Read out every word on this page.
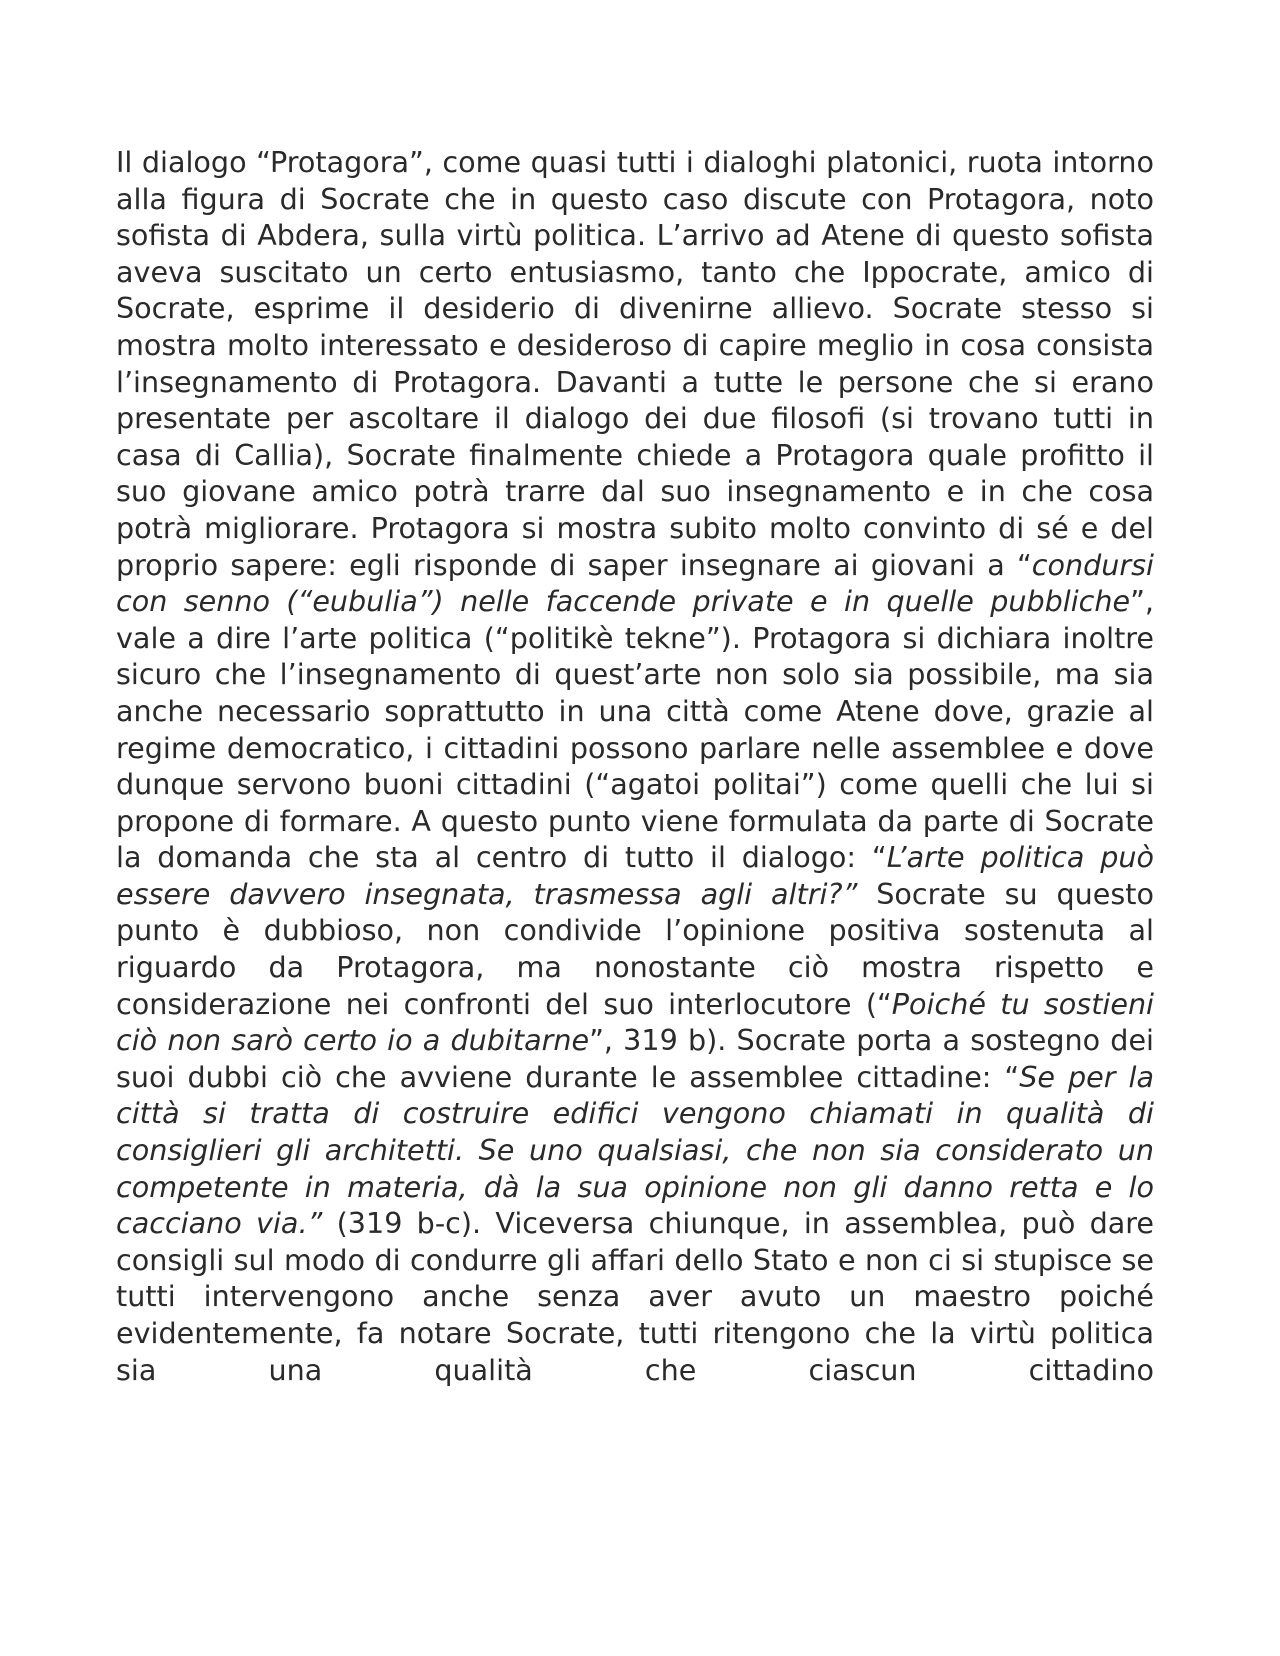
Il dialogo “Protagora”, come quasi tutti i dialoghi platonici, ruota intorno alla figura di Socrate che in questo caso discute con Protagora, noto sofista di Abdera, sulla virtù politica. L’arrivo ad Atene di questo sofista aveva suscitato un certo entusiasmo, tanto che Ippocrate, amico di Socrate, esprime il desiderio di divenirne allievo. Socrate stesso si mostra molto interessato e desideroso di capire meglio in cosa consista l’insegnamento di Protagora. Davanti a tutte le persone che si erano presentate per ascoltare il dialogo dei due filosofi (si trovano tutti in casa di Callia), Socrate finalmente chiede a Protagora quale profitto il suo giovane amico potrà trarre dal suo insegnamento e in che cosa potrà migliorare. Protagora si mostra subito molto convinto di sé e del proprio sapere: egli risponde di saper insegnare ai giovani a “condursi con senno (“eubulia”) nelle faccende private e in quelle pubbliche”, vale a dire l’arte politica (“politikè tekne”). Protagora si dichiara inoltre sicuro che l’insegnamento di quest’arte non solo sia possibile, ma sia anche necessario soprattutto in una città come Atene dove, grazie al regime democratico, i cittadini possono parlare nelle assemblee e dove dunque servono buoni cittadini (“agatoi politai”) come quelli che lui si propone di formare. A questo punto viene formulata da parte di Socrate la domanda che sta al centro di tutto il dialogo: “L’arte politica può essere davvero insegnata, trasmessa agli altri?” Socrate su questo punto è dubbioso, non condivide l’opinione positiva sostenuta al riguardo da Protagora, ma nonostante ciò mostra rispetto e considerazione nei confronti del suo interlocutore (“Poiché tu sostieni ciò non sarò certo io a dubitarne”, 319 b). Socrate porta a sostegno dei suoi dubbi ciò che avviene durante le assemblee cittadine: “Se per la città si tratta di costruire edifici vengono chiamati in qualità di consiglieri gli architetti. Se uno qualsiasi, che non sia considerato un competente in materia, dà la sua opinione non gli danno retta e lo cacciano via.” (319 b-c). Viceversa chiunque, in assemblea, può dare consigli sul modo di condurre gli affari dello Stato e non ci si stupisce se tutti intervengono anche senza aver avuto un maestro poiché evidentemente, fa notare Socrate, tutti ritengono che la virtù politica sia una qualità che ciascun cittadino
